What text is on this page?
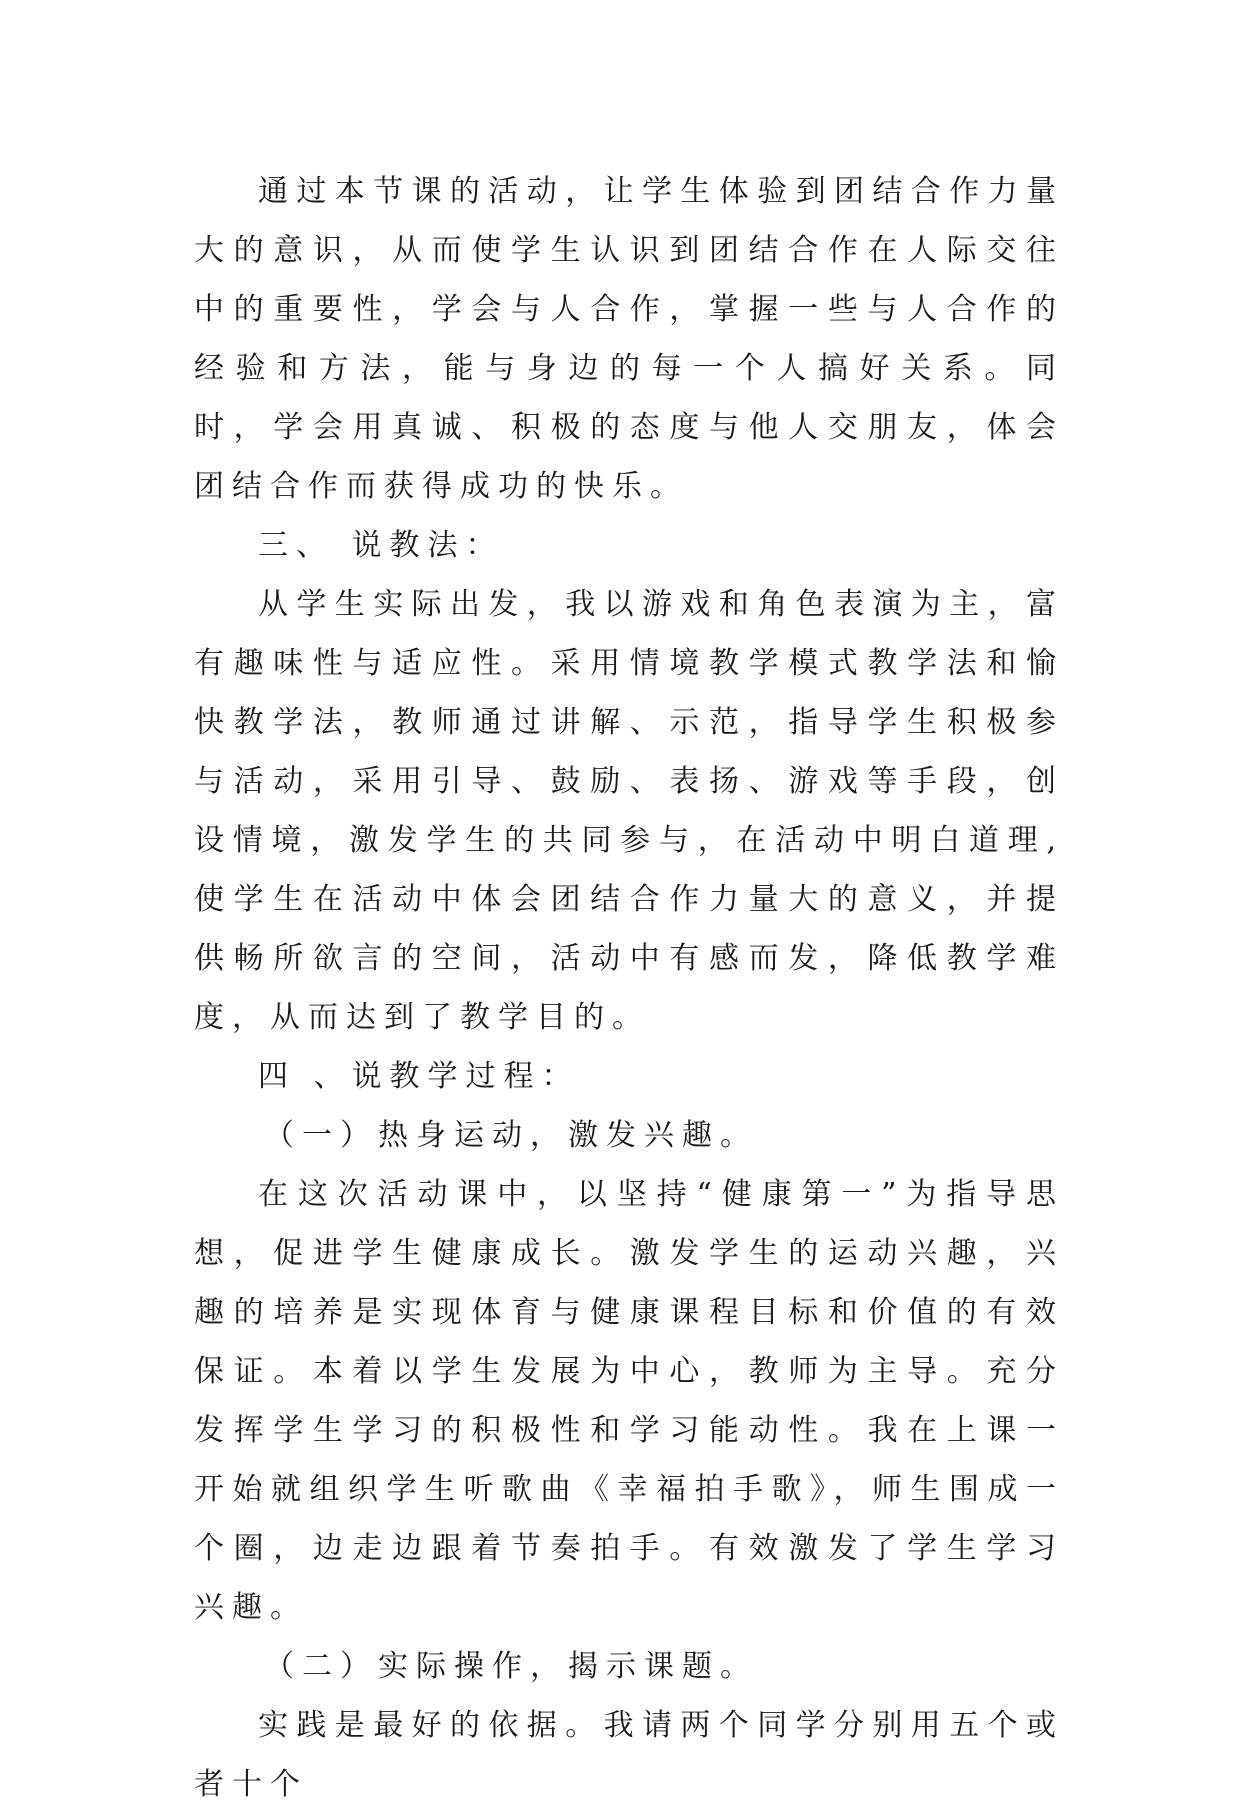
通过本节课的活动，让学生体验到团结合作力量大的意识，从而使学生认识到团结合作在人际交往中的重要性，学会与人合作，掌握一些与人合作的经验和方法，能与身边的每一个人搞好关系。同时，学会用真诚、积极的态度与他人交朋友，体会团结合作而获得成功的快乐。

三、 说教法：

从学生实际出发，我以游戏和角色表演为主，富有趣味性与适应性。采用情境教学模式教学法和愉快教学法，教师通过讲解、示范，指导学生积极参与活动，采用引导、鼓励、表扬、游戏等手段，创设情境，激发学生的共同参与，在活动中明白道理,使学生在活动中体会团结合作力量大的意义，并提供畅所欲言的空间，活动中有感而发，降低教学难度，从而达到了教学目的。

四 、说教学过程：

（一）热身运动，激发兴趣。

在这次活动课中，以坚持“健康第一”为指导思想，促进学生健康成长。激发学生的运动兴趣，兴趣的培养是实现体育与健康课程目标和价值的有效保证。本着以学生发展为中心，教师为主导。充分发挥学生学习的积极性和学习能动性。我在上课一开始就组织学生听歌曲《幸福拍手歌》，师生围成一个圈，边走边跟着节奏拍手。有效激发了学生学习兴趣。

（二）实际操作，揭示课题。

实践是最好的依据。我请两个同学分别用五个或者十个
